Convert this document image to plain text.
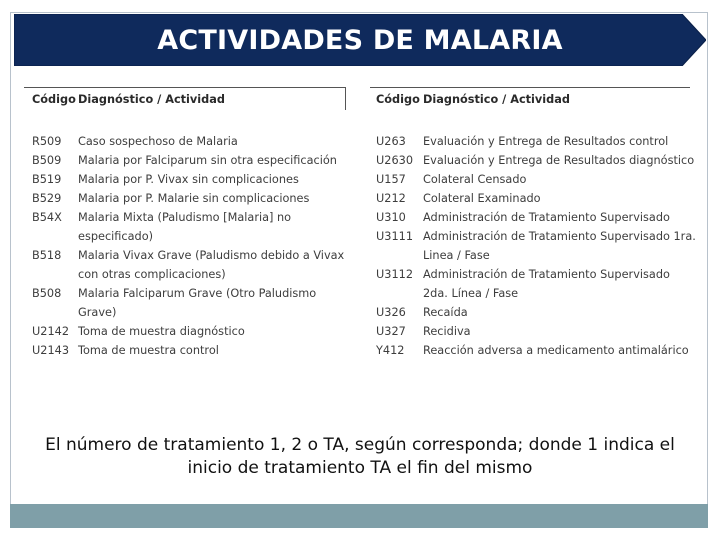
ACTIVIDADES DE MALARIA
Código Diagnóstico / Actividad
R509	Caso sospechoso de Malaria
B509	Malaria por Falciparum sin otra especificación
B519	Malaria por P. Vivax sin complicaciones
B529	Malaria por P. Malarie sin complicaciones
B54X	Malaria Mixta (Paludismo [Malaria] no especificado)
B518	Malaria Vivax Grave (Paludismo debido a Vivax con otras complicaciones)
B508	Malaria Falciparum Grave (Otro Paludismo Grave)
U2142 Toma de muestra diagnóstico
U2143 Toma de muestra control
Código Diagnóstico / Actividad
U263	Evaluación y Entrega de Resultados control
U2630 Evaluación y Entrega de Resultados diagnóstico
U157	Colateral Censado
U212	Colateral Examinado
U310	Administración de Tratamiento Supervisado
U3111 Administración de Tratamiento Supervisado 1ra.
Linea / Fase
U3112 Administración de Tratamiento Supervisado
2da. Línea / Fase
U326	Recaída
U327	Recidiva
Y412	Reacción adversa a medicamento antimalárico
El número de tratamiento 1, 2 o TA, según corresponda; donde 1 indica el inicio de tratamiento TA el fin del mismo
